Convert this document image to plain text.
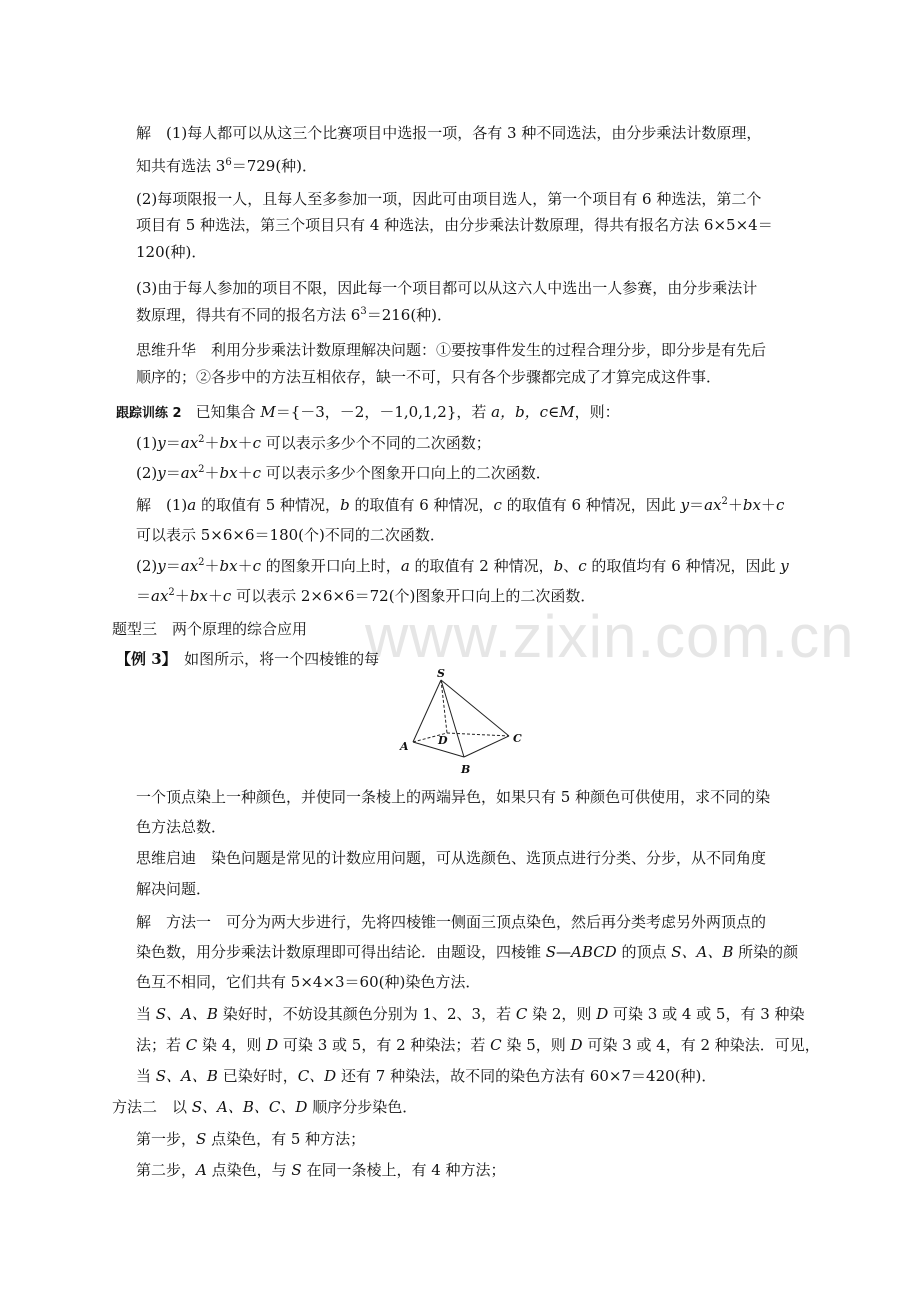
www.zixin.com.cn
解　(1)每人都可以从这三个比赛项目中选报一项，各有 3 种不同选法，由分步乘法计数原理，
知共有选法 $3^6=729$(种)．
(2)每项限报一人，且每人至多参加一项，因此可由项目选人，第一个项目有 6 种选法，第二个
项目有 5 种选法，第三个项目只有 4 种选法，由分步乘法计数原理，得共有报名方法 6×5×4＝
120(种)．
(3)由于每人参加的项目不限，因此每一个项目都可以从这六人中选出一人参赛，由分步乘法计
数原理，得共有不同的报名方法 $6^3=216$(种)．
思维升华　利用分步乘法计数原理解决问题：①要按事件发生的过程合理分步，即分步是有先后
顺序的；②各步中的方法互相依存，缺一不可，只有各个步骤都完成了才算完成这件事．
跟踪训练 2 已知集合 M＝{－3，－2，－1,0,1,2}，若 a，b，c∈M，则：
$(1)y=ax^2+bx+c$ 可以表示多少个不同的二次函数；
$(2)y=ax^2+bx+c$ 可以表示多少个图象开口向上的二次函数．
解　(1)a 的取值有 5 种情况，b 的取值有 6 种情况，c 的取值有 6 种情况，因此 $y=ax^2+bx+c$
可以表示 5×6×6＝180(个)不同的二次函数．
$(2)y=ax^2+bx+c$ 的图象开口向上时，a 的取值有 2 种情况，b、c 的取值均有 6 种情况，因此 y
$=ax^2+bx+c$ 可以表示 2×6×6＝72(个)图象开口向上的二次函数．
题型三　两个原理的综合应用
【例 3】　如图所示，将一个四棱锥的每
S
A
B
C
D
一个顶点染上一种颜色，并使同一条棱上的两端异色，如果只有 5 种颜色可供使用，求不同的染
色方法总数．
思维启迪　染色问题是常见的计数应用问题，可从选颜色、选顶点进行分类、分步，从不同角度
解决问题．
解　方法一　可分为两大步进行，先将四棱锥一侧面三顶点染色，然后再分类考虑另外两顶点的
染色数，用分步乘法计数原理即可得出结论．由题设，四棱锥 S—ABCD 的顶点 S、A、B 所染的颜
色互不相同，它们共有 5×4×3＝60(种)染色方法．
当 S、A、B 染好时，不妨设其颜色分别为 1、2、3，若 C 染 2，则 D 可染 3 或 4 或 5，有 3 种染
法；若 C 染 4，则 D 可染 3 或 5，有 2 种染法；若 C 染 5，则 D 可染 3 或 4，有 2 种染法．可见，
当 S、A、B 已染好时，C、D 还有 7 种染法，故不同的染色方法有 60×7＝420(种)．
方法二　以 S、A、B、C、D 顺序分步染色．
第一步，S 点染色，有 5 种方法；
第二步，A 点染色，与 S 在同一条棱上，有 4 种方法；
